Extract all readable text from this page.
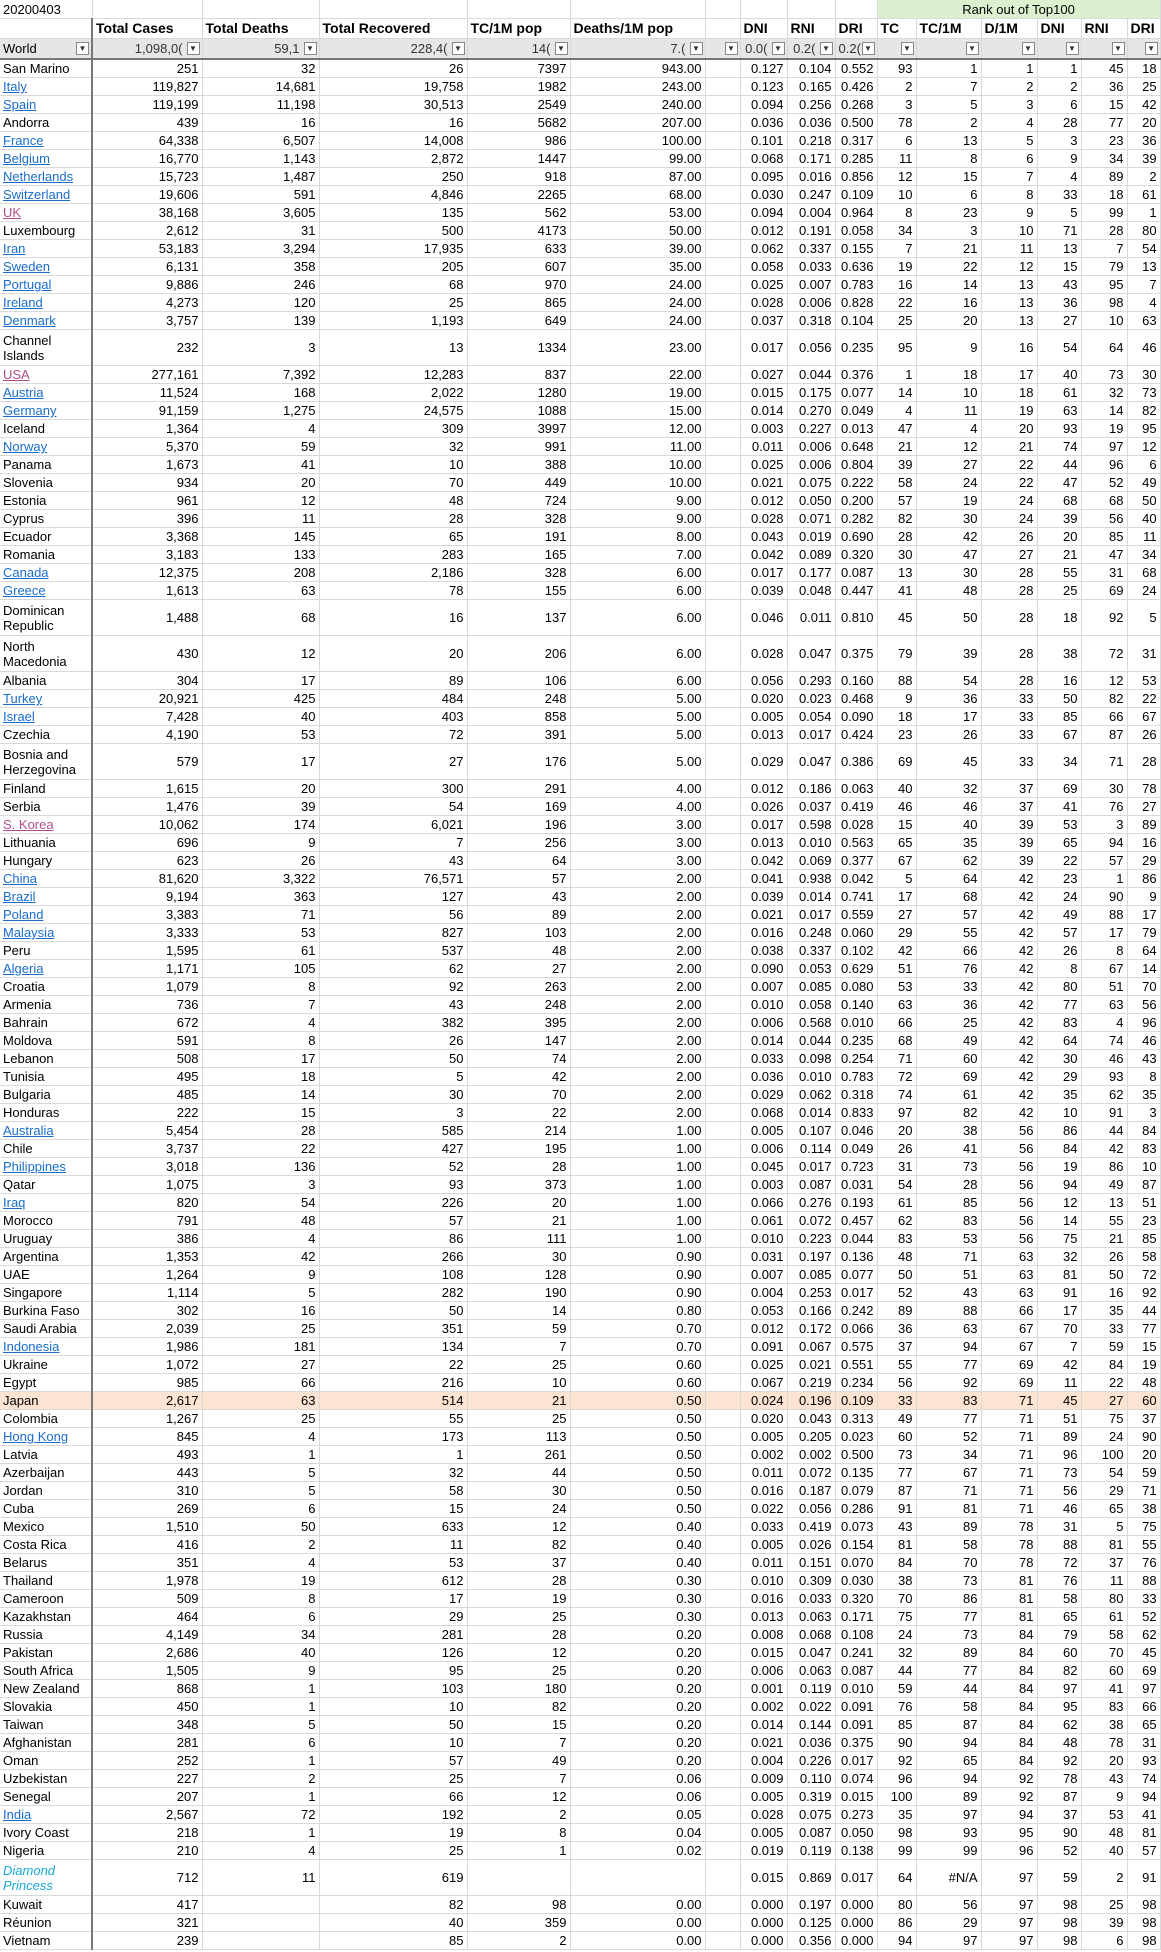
20200403										Rank out of Top100					
	Total Cases	Total Deaths	Total Recovered	TC/1M pop	Deaths/1M pop		DNI	RNI	DRI	TC	TC/1M	D/1M	DNI	RNI	DRI
World ▼	1,098,0( ▼	59,1 ▼	228,4( ▼	14( ▼	7.( ▼	▼	0.0( ▼	0.2( ▼	0.2( ▼	▼	▼	▼	▼	▼	▼

San Marino	251	32	26	7397	943.00		0.127	0.104	0.552	93	1	1	1	45	18
Italy	119,827	14,681	19,758	1982	243.00		0.123	0.165	0.426	2	7	2	2	36	25
Spain	119,199	11,198	30,513	2549	240.00		0.094	0.256	0.268	3	5	3	6	15	42
Andorra	439	16	16	5682	207.00		0.036	0.036	0.500	78	2	4	28	77	20
France	64,338	6,507	14,008	986	100.00		0.101	0.218	0.317	6	13	5	3	23	36
Belgium	16,770	1,143	2,872	1447	99.00		0.068	0.171	0.285	11	8	6	9	34	39
Netherlands	15,723	1,487	250	918	87.00		0.095	0.016	0.856	12	15	7	4	89	2
Switzerland	19,606	591	4,846	2265	68.00		0.030	0.247	0.109	10	6	8	33	18	61
UK	38,168	3,605	135	562	53.00		0.094	0.004	0.964	8	23	9	5	99	1
Luxembourg	2,612	31	500	4173	50.00		0.012	0.191	0.058	34	3	10	71	28	80
Iran	53,183	3,294	17,935	633	39.00		0.062	0.337	0.155	7	21	11	13	7	54
Sweden	6,131	358	205	607	35.00		0.058	0.033	0.636	19	22	12	15	79	13
Portugal	9,886	246	68	970	24.00		0.025	0.007	0.783	16	14	13	43	95	7
Ireland	4,273	120	25	865	24.00		0.028	0.006	0.828	22	16	13	36	98	4
Denmark	3,757	139	1,193	649	24.00		0.037	0.318	0.104	25	20	13	27	10	63
Channel Islands	232	3	13	1334	23.00		0.017	0.056	0.235	95	9	16	54	64	46
USA	277,161	7,392	12,283	837	22.00		0.027	0.044	0.376	1	18	17	40	73	30
Austria	11,524	168	2,022	1280	19.00		0.015	0.175	0.077	14	10	18	61	32	73
Germany	91,159	1,275	24,575	1088	15.00		0.014	0.270	0.049	4	11	19	63	14	82
Iceland	1,364	4	309	3997	12.00		0.003	0.227	0.013	47	4	20	93	19	95
Norway	5,370	59	32	991	11.00		0.011	0.006	0.648	21	12	21	74	97	12
Panama	1,673	41	10	388	10.00		0.025	0.006	0.804	39	27	22	44	96	6
Slovenia	934	20	70	449	10.00		0.021	0.075	0.222	58	24	22	47	52	49
Estonia	961	12	48	724	9.00		0.012	0.050	0.200	57	19	24	68	68	50
Cyprus	396	11	28	328	9.00		0.028	0.071	0.282	82	30	24	39	56	40
Ecuador	3,368	145	65	191	8.00		0.043	0.019	0.690	28	42	26	20	85	11
Romania	3,183	133	283	165	7.00		0.042	0.089	0.320	30	47	27	21	47	34
Canada	12,375	208	2,186	328	6.00		0.017	0.177	0.087	13	30	28	55	31	68
Greece	1,613	63	78	155	6.00		0.039	0.048	0.447	41	48	28	25	69	24
Dominican Republic	1,488	68	16	137	6.00		0.046	0.011	0.810	45	50	28	18	92	5
North Macedonia	430	12	20	206	6.00		0.028	0.047	0.375	79	39	28	38	72	31
Albania	304	17	89	106	6.00		0.056	0.293	0.160	88	54	28	16	12	53
Turkey	20,921	425	484	248	5.00		0.020	0.023	0.468	9	36	33	50	82	22
Israel	7,428	40	403	858	5.00		0.005	0.054	0.090	18	17	33	85	66	67
Czechia	4,190	53	72	391	5.00		0.013	0.017	0.424	23	26	33	67	87	26
Bosnia and Herzegovina	579	17	27	176	5.00		0.029	0.047	0.386	69	45	33	34	71	28
Finland	1,615	20	300	291	4.00		0.012	0.186	0.063	40	32	37	69	30	78
Serbia	1,476	39	54	169	4.00		0.026	0.037	0.419	46	46	37	41	76	27
S. Korea	10,062	174	6,021	196	3.00		0.017	0.598	0.028	15	40	39	53	3	89
Lithuania	696	9	7	256	3.00		0.013	0.010	0.563	65	35	39	65	94	16
Hungary	623	26	43	64	3.00		0.042	0.069	0.377	67	62	39	22	57	29
China	81,620	3,322	76,571	57	2.00		0.041	0.938	0.042	5	64	42	23	1	86
Brazil	9,194	363	127	43	2.00		0.039	0.014	0.741	17	68	42	24	90	9
Poland	3,383	71	56	89	2.00		0.021	0.017	0.559	27	57	42	49	88	17
Malaysia	3,333	53	827	103	2.00		0.016	0.248	0.060	29	55	42	57	17	79
Peru	1,595	61	537	48	2.00		0.038	0.337	0.102	42	66	42	26	8	64
Algeria	1,171	105	62	27	2.00		0.090	0.053	0.629	51	76	42	8	67	14
Croatia	1,079	8	92	263	2.00		0.007	0.085	0.080	53	33	42	80	51	70
Armenia	736	7	43	248	2.00		0.010	0.058	0.140	63	36	42	77	63	56
Bahrain	672	4	382	395	2.00		0.006	0.568	0.010	66	25	42	83	4	96
Moldova	591	8	26	147	2.00		0.014	0.044	0.235	68	49	42	64	74	46
Lebanon	508	17	50	74	2.00		0.033	0.098	0.254	71	60	42	30	46	43
Tunisia	495	18	5	42	2.00		0.036	0.010	0.783	72	69	42	29	93	8
Bulgaria	485	14	30	70	2.00		0.029	0.062	0.318	74	61	42	35	62	35
Honduras	222	15	3	22	2.00		0.068	0.014	0.833	97	82	42	10	91	3
Australia	5,454	28	585	214	1.00		0.005	0.107	0.046	20	38	56	86	44	84
Chile	3,737	22	427	195	1.00		0.006	0.114	0.049	26	41	56	84	42	83
Philippines	3,018	136	52	28	1.00		0.045	0.017	0.723	31	73	56	19	86	10
Qatar	1,075	3	93	373	1.00		0.003	0.087	0.031	54	28	56	94	49	87
Iraq	820	54	226	20	1.00		0.066	0.276	0.193	61	85	56	12	13	51
Morocco	791	48	57	21	1.00		0.061	0.072	0.457	62	83	56	14	55	23
Uruguay	386	4	86	111	1.00		0.010	0.223	0.044	83	53	56	75	21	85
Argentina	1,353	42	266	30	0.90		0.031	0.197	0.136	48	71	63	32	26	58
UAE	1,264	9	108	128	0.90		0.007	0.085	0.077	50	51	63	81	50	72
Singapore	1,114	5	282	190	0.90		0.004	0.253	0.017	52	43	63	91	16	92
Burkina Faso	302	16	50	14	0.80		0.053	0.166	0.242	89	88	66	17	35	44
Saudi Arabia	2,039	25	351	59	0.70		0.012	0.172	0.066	36	63	67	70	33	77
Indonesia	1,986	181	134	7	0.70		0.091	0.067	0.575	37	94	67	7	59	15
Ukraine	1,072	27	22	25	0.60		0.025	0.021	0.551	55	77	69	42	84	19
Egypt	985	66	216	10	0.60		0.067	0.219	0.234	56	92	69	11	22	48
Japan	2,617	63	514	21	0.50		0.024	0.196	0.109	33	83	71	45	27	60
Colombia	1,267	25	55	25	0.50		0.020	0.043	0.313	49	77	71	51	75	37
Hong Kong	845	4	173	113	0.50		0.005	0.205	0.023	60	52	71	89	24	90
Latvia	493	1	1	261	0.50		0.002	0.002	0.500	73	34	71	96	100	20
Azerbaijan	443	5	32	44	0.50		0.011	0.072	0.135	77	67	71	73	54	59
Jordan	310	5	58	30	0.50		0.016	0.187	0.079	87	71	71	56	29	71
Cuba	269	6	15	24	0.50		0.022	0.056	0.286	91	81	71	46	65	38
Mexico	1,510	50	633	12	0.40		0.033	0.419	0.073	43	89	78	31	5	75
Costa Rica	416	2	11	82	0.40		0.005	0.026	0.154	81	58	78	88	81	55
Belarus	351	4	53	37	0.40		0.011	0.151	0.070	84	70	78	72	37	76
Thailand	1,978	19	612	28	0.30		0.010	0.309	0.030	38	73	81	76	11	88
Cameroon	509	8	17	19	0.30		0.016	0.033	0.320	70	86	81	58	80	33
Kazakhstan	464	6	29	25	0.30		0.013	0.063	0.171	75	77	81	65	61	52
Russia	4,149	34	281	28	0.20		0.008	0.068	0.108	24	73	84	79	58	62
Pakistan	2,686	40	126	12	0.20		0.015	0.047	0.241	32	89	84	60	70	45
South Africa	1,505	9	95	25	0.20		0.006	0.063	0.087	44	77	84	82	60	69
New Zealand	868	1	103	180	0.20		0.001	0.119	0.010	59	44	84	97	41	97
Slovakia	450	1	10	82	0.20		0.002	0.022	0.091	76	58	84	95	83	66
Taiwan	348	5	50	15	0.20		0.014	0.144	0.091	85	87	84	62	38	65
Afghanistan	281	6	10	7	0.20		0.021	0.036	0.375	90	94	84	48	78	31
Oman	252	1	57	49	0.20		0.004	0.226	0.017	92	65	84	92	20	93
Uzbekistan	227	2	25	7	0.06		0.009	0.110	0.074	96	94	92	78	43	74
Senegal	207	1	66	12	0.06		0.005	0.319	0.015	100	89	92	87	9	94
India	2,567	72	192	2	0.05		0.028	0.075	0.273	35	97	94	37	53	41
Ivory Coast	218	1	19	8	0.04		0.005	0.087	0.050	98	93	95	90	48	81
Nigeria	210	4	25	1	0.02		0.019	0.119	0.138	99	99	96	52	40	57
Diamond Princess	712	11	619				0.015	0.869	0.017	64	#N/A	97	59	2	91
Kuwait	417		82	98	0.00		0.000	0.197	0.000	80	56	97	98	25	98
Réunion	321		40	359	0.00		0.000	0.125	0.000	86	29	97	98	39	98
Vietnam	239		85	2	0.00		0.000	0.356	0.000	94	97	97	98	6	98
